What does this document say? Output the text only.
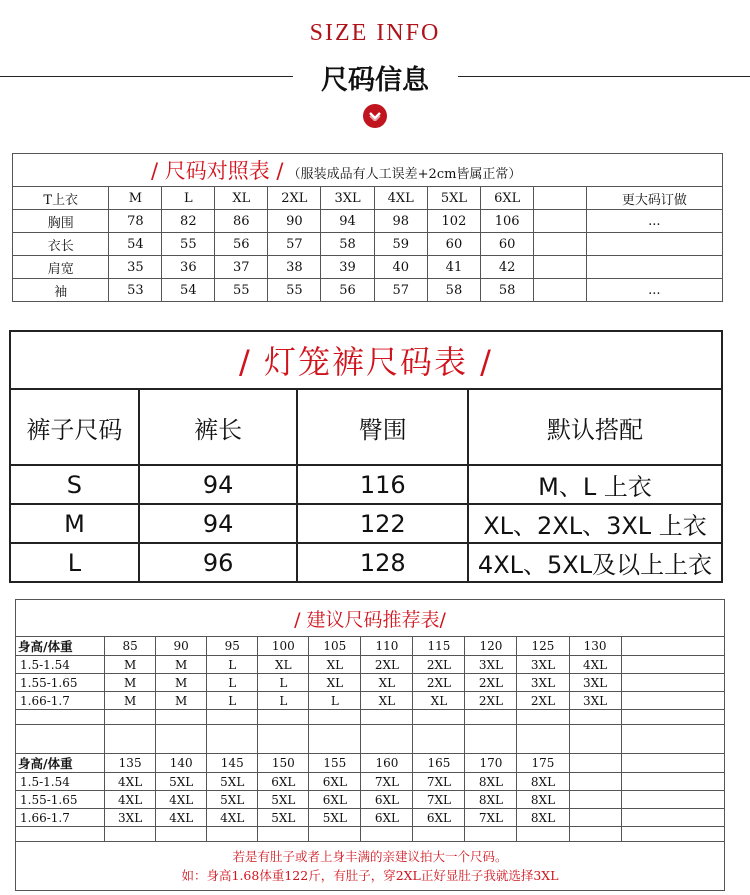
SIZE INFO
尺码信息
/ 尺码对照表 / （服装成品有人工误差+2cm皆属正常）										
T上衣	M	L	XL	2XL	3XL	4XL	5XL	6XL		更大码订做
胸围	78	82	86	90	94	98	102	106		...
衣长	54	55	56	57	58	59	60	60		
肩宽	35	36	37	38	39	40	41	42		
袖	53	54	55	55	56	57	58	58		...
/ 灯笼裤尺码表 /			
裤子尺码	裤长	臀围	默认搭配
S	94	116	M、L 上衣
M	94	122	XL、2XL、3XL 上衣
L	96	128	4XL、5XL及以上上衣
/ 建议尺码推荐表/											
身高/体重	85	90	95	100	105	110	115	120	125	130	
1.5-1.54	M	M	L	XL	XL	2XL	2XL	3XL	3XL	4XL	
1.55-1.65	M	M	L	L	XL	XL	2XL	2XL	3XL	3XL	
1.66-1.7	M	M	L	L	L	XL	XL	2XL	2XL	3XL	

身高/体重	135	140	145	150	155	160	165	170	175		
1.5-1.54	4XL	5XL	5XL	6XL	6XL	7XL	7XL	8XL	8XL		
1.55-1.65	4XL	4XL	5XL	5XL	6XL	6XL	7XL	8XL	8XL		
1.66-1.7	3XL	4XL	4XL	5XL	5XL	6XL	6XL	7XL	8XL		

若是有肚子或者上身丰满的亲建议拍大一个尺码。
如：身高1.68体重122斤，有肚子，穿2XL正好显肚子我就选择3XL											
